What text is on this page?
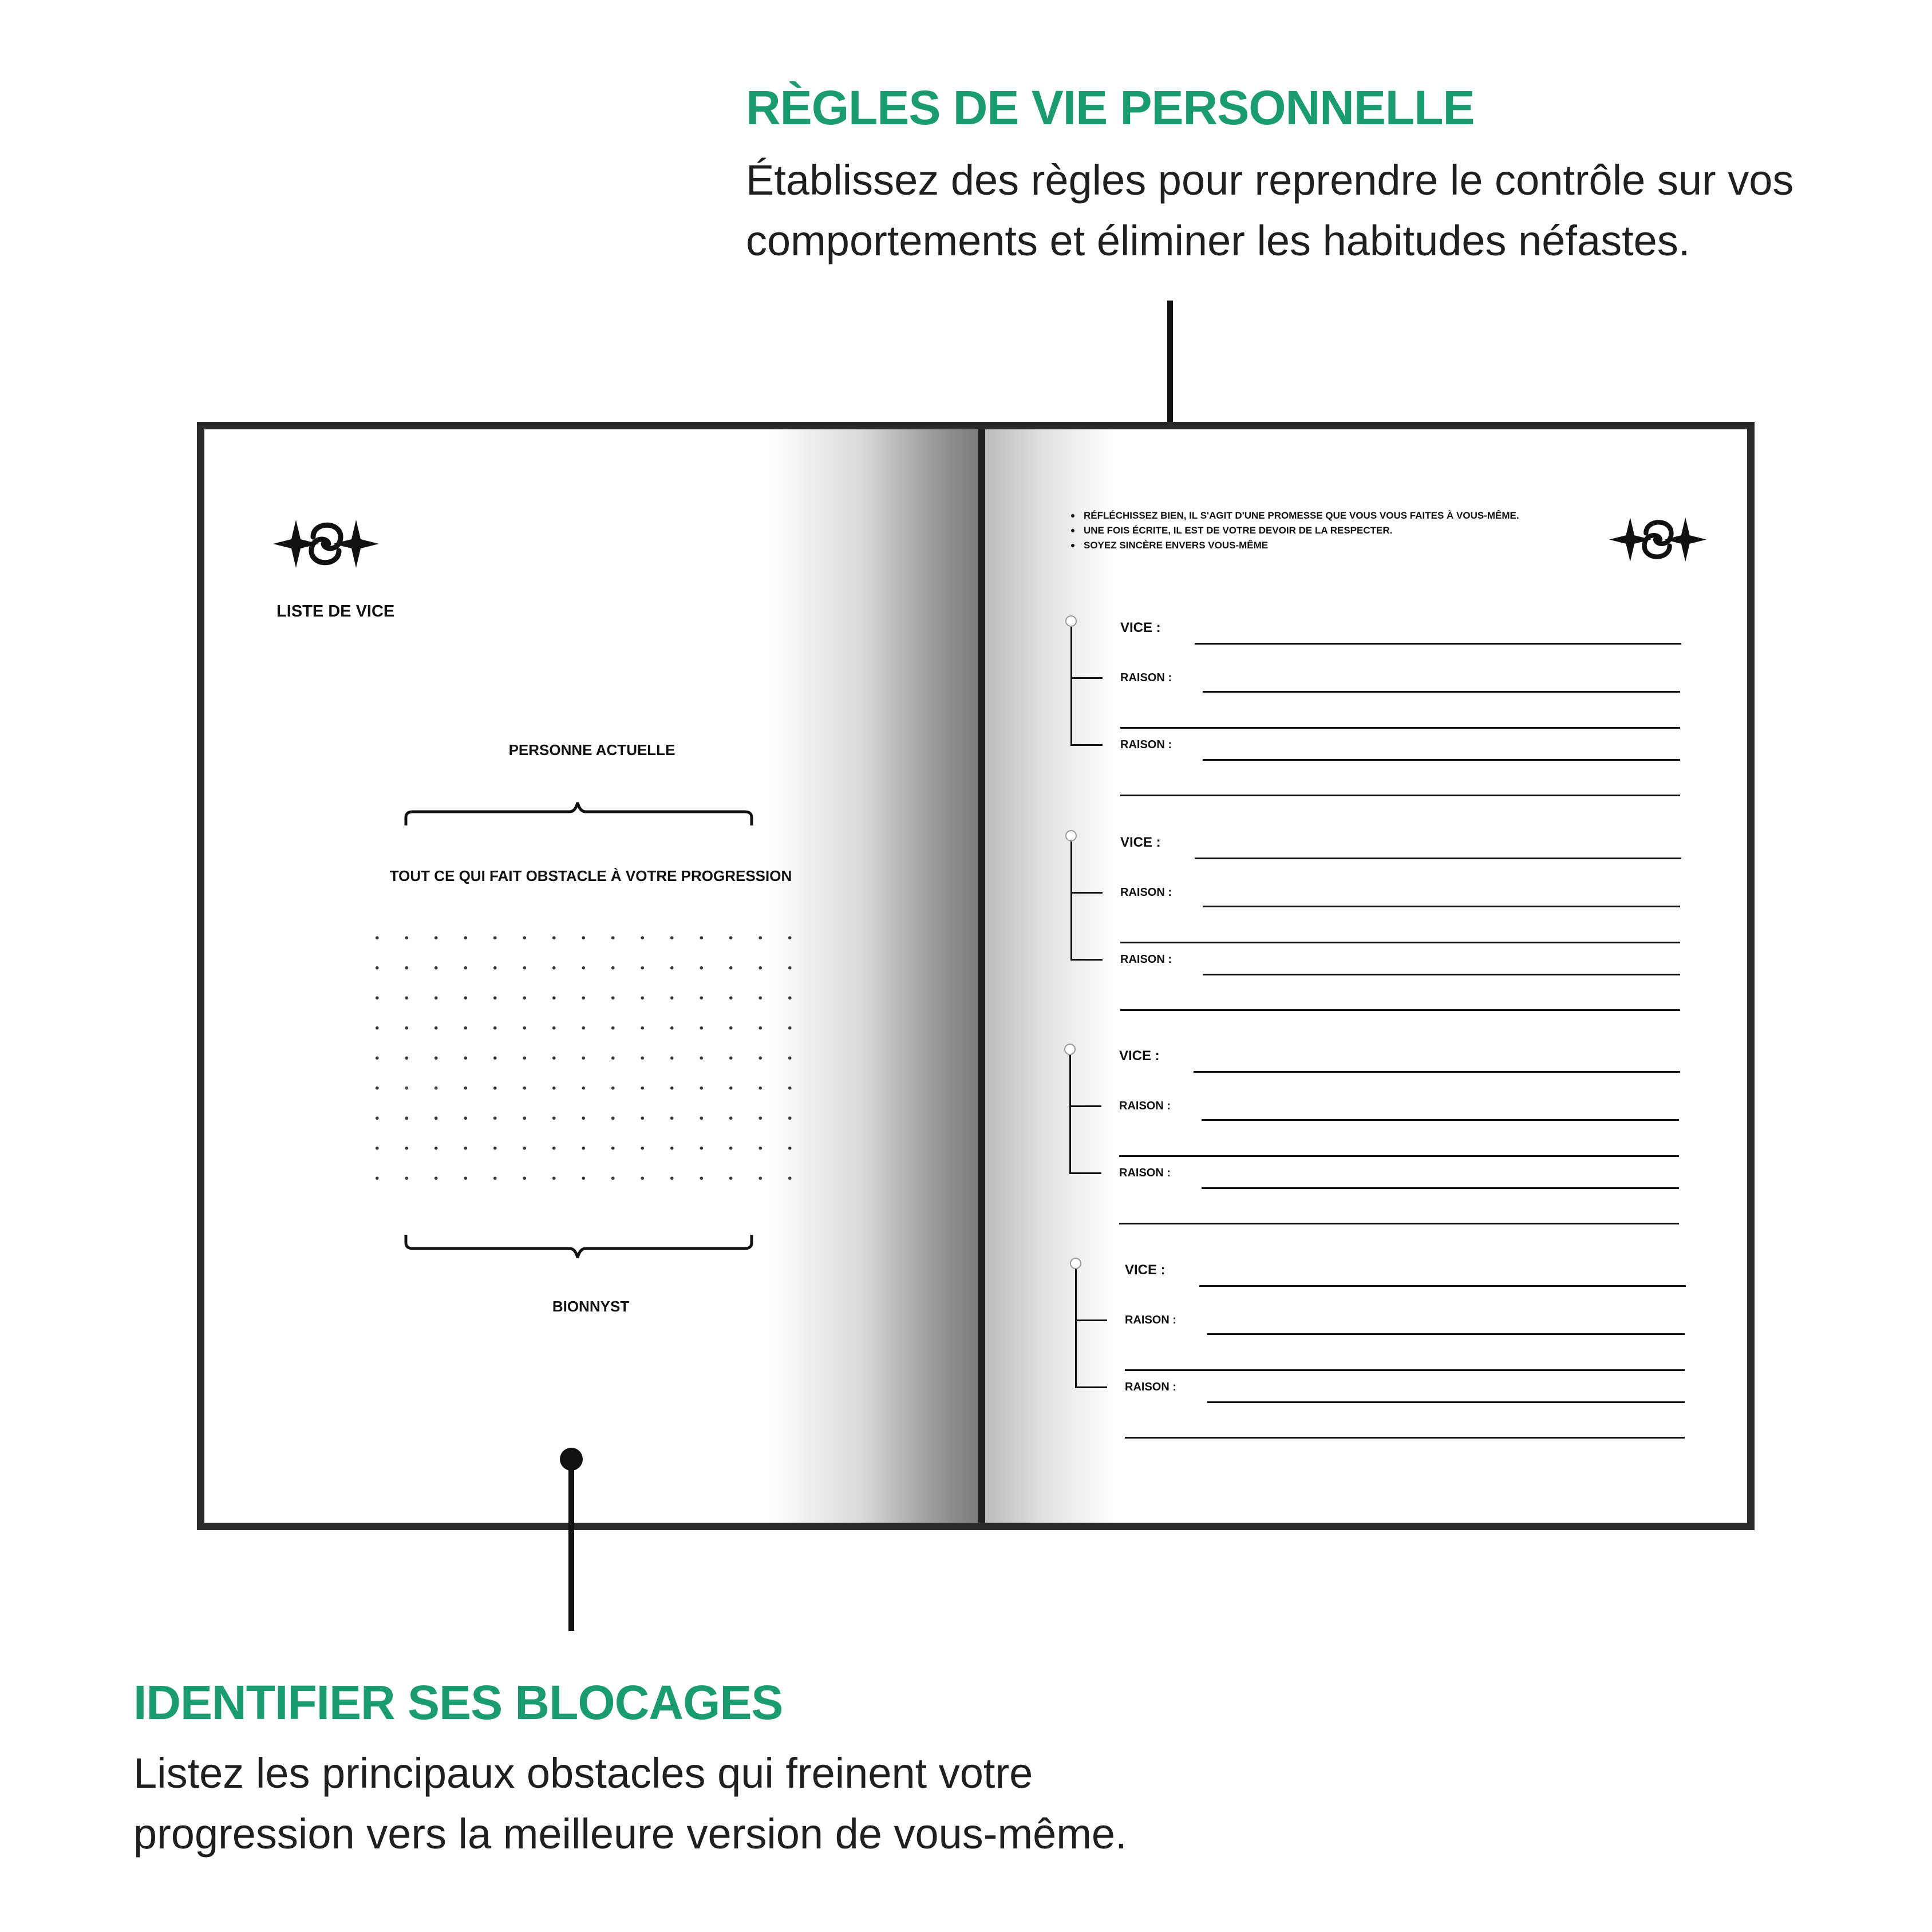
RÈGLES DE VIE PERSONNELLE

Établissez des règles pour reprendre le contrôle sur vos
comportements et éliminer les habitudes néfastes.

LISTE DE VICE

PERSONNE ACTUELLE

TOUT CE QUI FAIT OBSTACLE À VOTRE PROGRESSION

BIONNYST

RÉFLÉCHISSEZ BIEN, IL S'AGIT D'UNE PROMESSE QUE VOUS VOUS FAITES À VOUS-MÊME.
UNE FOIS ÉCRITE, IL EST DE VOTRE DEVOIR DE LA RESPECTER.
SOYEZ SINCÈRE ENVERS VOUS-MÊME

VICE :

RAISON :

RAISON :

VICE :

RAISON :

RAISON :

VICE :

RAISON :

RAISON :

VICE :

RAISON :

RAISON :

IDENTIFIER SES BLOCAGES

Listez les principaux obstacles qui freinent votre
progression vers la meilleure version de vous-même.
